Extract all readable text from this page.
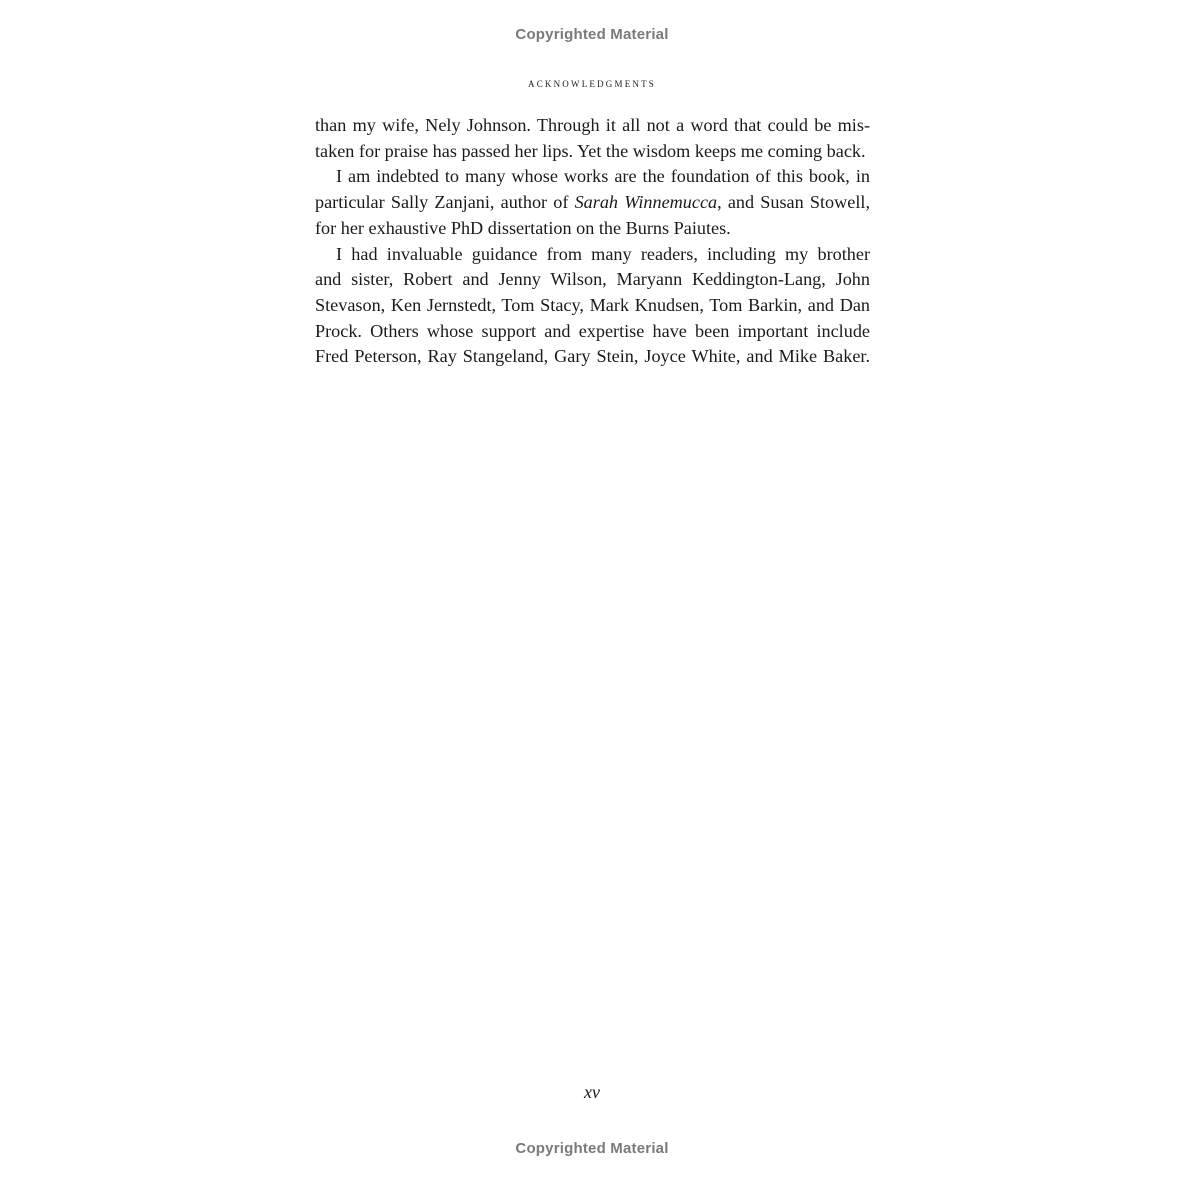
Copyrighted Material
acknowledgments
than my wife, Nely Johnson. Through it all not a word that could be mis-
taken for praise has passed her lips. Yet the wisdom keeps me coming back.
I am indebted to many whose works are the foundation of this book, in
particular Sally Zanjani, author of Sarah Winnemucca, and Susan Stowell,
for her exhaustive PhD dissertation on the Burns Paiutes.
I had invaluable guidance from many readers, including my brother
and sister, Robert and Jenny Wilson, Maryann Keddington-Lang, John
Stevason, Ken Jernstedt, Tom Stacy, Mark Knudsen, Tom Barkin, and Dan
Prock. Others whose support and expertise have been important include
Fred Peterson, Ray Stangeland, Gary Stein, Joyce White, and Mike Baker.
xv
Copyrighted Material
